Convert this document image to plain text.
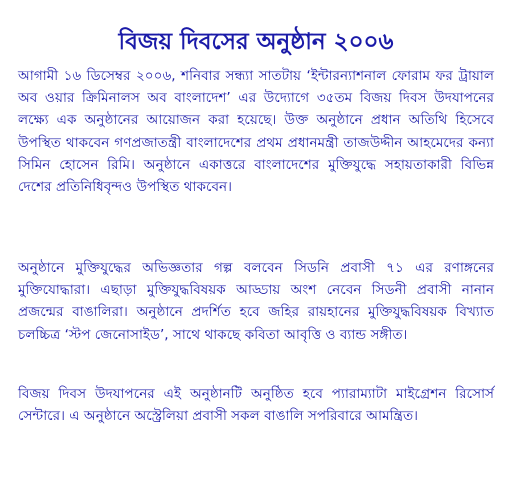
বিজয় দিবসের অনুষ্ঠান ২০০৬

আগামী ১৬ ডিসেম্বর ২০০৬, শনিবার সন্ধ্যা সাতটায় ‘ইন্টারন্যাশনাল ফোরাম ফর ট্রায়াল অব ওয়ার ক্রিমিনালস অব বাংলাদেশ’ এর উদ্যোগে ৩৫তম বিজয় দিবস উদযাপনের লক্ষ্যে এক অনুষ্ঠানের আয়োজন করা হয়েছে। উক্ত অনুষ্ঠানে প্রধান অতিথি হিসেবে উপস্থিত থাকবেন গণপ্রজাতন্ত্রী বাংলাদেশের প্রথম প্রধানমন্ত্রী তাজউদ্দীন আহমেদের কন্যা সিমিন হোসেন রিমি। অনুষ্ঠানে একাত্তরে বাংলাদেশের মুক্তিযুদ্ধে সহায়তাকারী বিভিন্ন দেশের প্রতিনিধিবৃন্দও উপস্থিত থাকবেন।

অনুষ্ঠানে মুক্তিযুদ্ধের অভিজ্ঞতার গল্প বলবেন সিডনি প্রবাসী ৭১ এর রণাঙ্গনের মুক্তিযোদ্ধারা। এছাড়া মুক্তিযুদ্ধবিষয়ক আড্ডায় অংশ নেবেন সিডনী প্রবাসী নানান প্রজন্মের বাঙালিরা। অনুষ্ঠানে প্রদর্শিত হবে জহির রায়হানের মুক্তিযুদ্ধবিষয়ক বিখ্যাত চলচ্চিত্র ‘স্টপ জেনোসাইড’, সাথে থাকছে কবিতা আবৃত্তি ও ব্যান্ড সঙ্গীত।

বিজয় দিবস উদযাপনের এই অনুষ্ঠানটি অনুষ্ঠিত হবে প্যারাম্যাটা মাইগ্রেশন রিসোর্স সেন্টারে। এ অনুষ্ঠানে অস্ট্রেলিয়া প্রবাসী সকল বাঙালি সপরিবারে আমন্ত্রিত।
